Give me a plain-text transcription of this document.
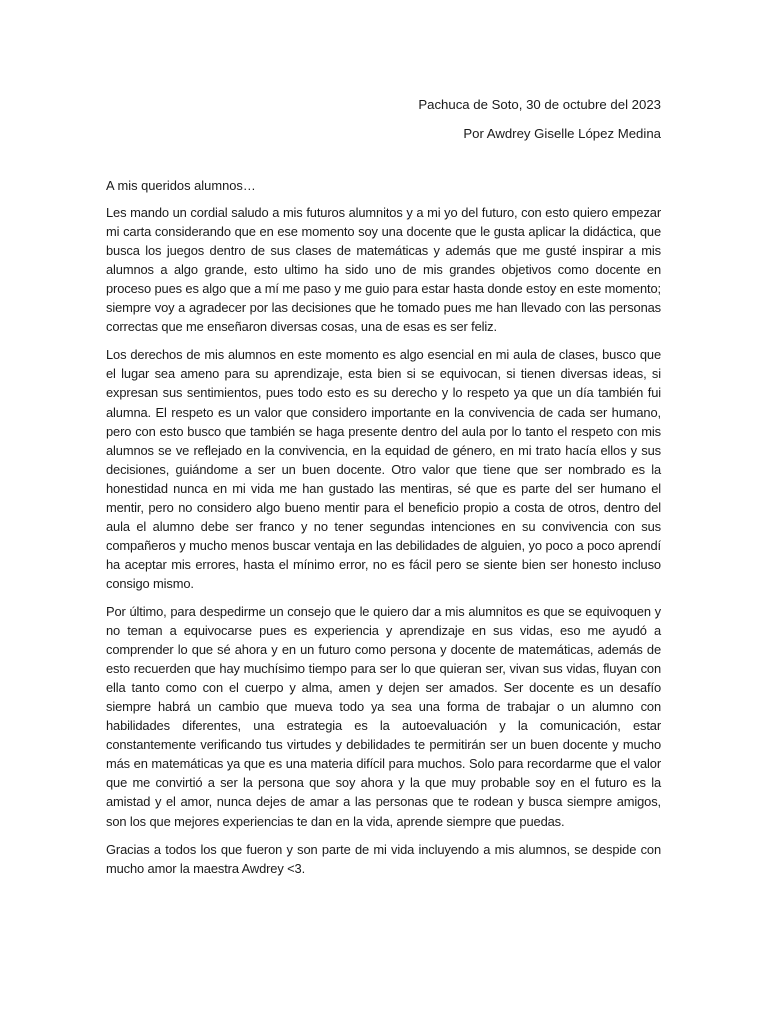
Pachuca de Soto, 30 de octubre del 2023
Por Awdrey Giselle López Medina

A mis queridos alumnos…

Les mando un cordial saludo a mis futuros alumnitos y a mi yo del futuro, con esto quiero empezar mi carta considerando que en ese momento soy una docente que le gusta aplicar la didáctica, que busca los juegos dentro de sus clases de matemáticas y además que me gusté inspirar a mis alumnos a algo grande, esto ultimo ha sido uno de mis grandes objetivos como docente en proceso pues es algo que a mí me paso y me guio para estar hasta donde estoy en este momento; siempre voy a agradecer por las decisiones que he tomado pues me han llevado con las personas correctas que me enseñaron diversas cosas, una de esas es ser feliz.

Los derechos de mis alumnos en este momento es algo esencial en mi aula de clases, busco que el lugar sea ameno para su aprendizaje, esta bien si se equivocan, si tienen diversas ideas, si expresan sus sentimientos, pues todo esto es su derecho y lo respeto ya que un día también fui alumna. El respeto es un valor que considero importante en la convivencia de cada ser humano, pero con esto busco que también se haga presente dentro del aula por lo tanto el respeto con mis alumnos se ve reflejado en la convivencia, en la equidad de género, en mi trato hacía ellos y sus decisiones, guiándome a ser un buen docente. Otro valor que tiene que ser nombrado es la honestidad nunca en mi vida me han gustado las mentiras, sé que es parte del ser humano el mentir, pero no considero algo bueno mentir para el beneficio propio a costa de otros, dentro del aula el alumno debe ser franco y no tener segundas intenciones en su convivencia con sus compañeros y mucho menos buscar ventaja en las debilidades de alguien, yo poco a poco aprendí ha aceptar mis errores, hasta el mínimo error, no es fácil pero se siente bien ser honesto incluso consigo mismo.

Por último, para despedirme un consejo que le quiero dar a mis alumnitos es que se equivoquen y no teman a equivocarse pues es experiencia y aprendizaje en sus vidas, eso me ayudó a comprender lo que sé ahora y en un futuro como persona y docente de matemáticas, además de esto recuerden que hay muchísimo tiempo para ser lo que quieran ser, vivan sus vidas, fluyan con ella tanto como con el cuerpo y alma, amen y dejen ser amados. Ser docente es un desafío siempre habrá un cambio que mueva todo ya sea una forma de trabajar o un alumno con habilidades diferentes, una estrategia es la autoevaluación y la comunicación, estar constantemente verificando tus virtudes y debilidades te permitirán ser un buen docente y mucho más en matemáticas ya que es una materia difícil para muchos. Solo para recordarme que el valor que me convirtió a ser la persona que soy ahora y la que muy probable soy en el futuro es la amistad y el amor, nunca dejes de amar a las personas que te rodean y busca siempre amigos, son los que mejores experiencias te dan en la vida, aprende siempre que puedas.

Gracias a todos los que fueron y son parte de mi vida incluyendo a mis alumnos, se despide con mucho amor la maestra Awdrey <3.
